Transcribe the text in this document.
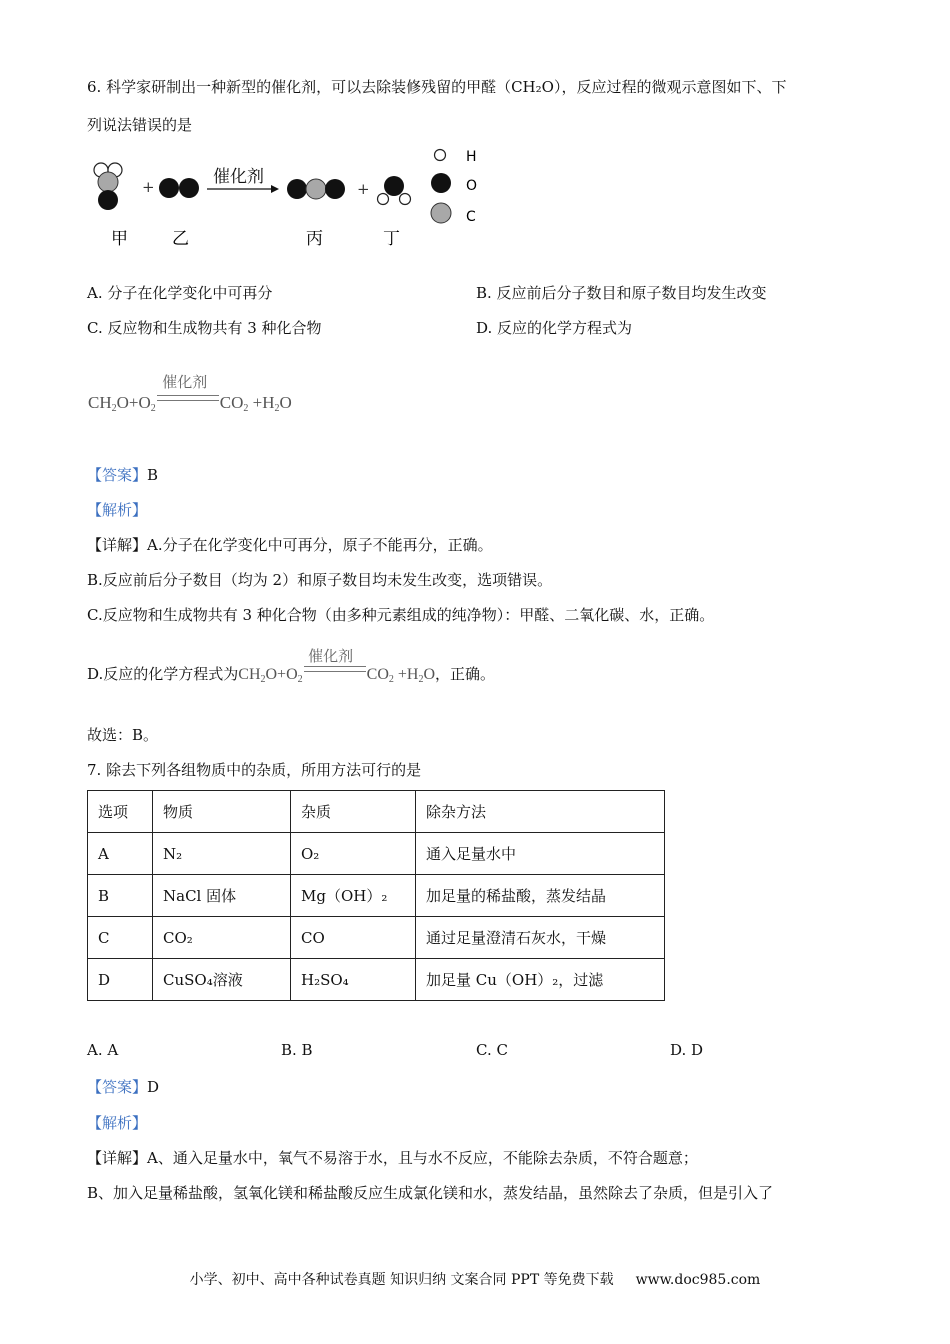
6. 科学家研制出一种新型的催化剂，可以去除装修残留的甲醛（CH₂O），反应过程的微观示意图如下、下
列说法错误的是
+	催化剂
+
H
O
C
甲	乙	丙	丁
A. 分子在化学变化中可再分	B. 反应前后分子数目和原子数目均发生改变
C. 反应物和生成物共有 3 种化合物	D. 反应的化学方程式为
$CH_2O+O_2$
催化剂
$CO_2 +H_2O$
【答案】B
【解析】
【详解】A.分子在化学变化中可再分，原子不能再分，正确。
B.反应前后分子数目（均为 2）和原子数目均未发生改变，选项错误。
C.反应物和生成物共有 3 种化合物（由多种元素组成的纯净物）：甲醛、二氧化碳、水，正确。
D.反应的化学方程式为$CH_2O+O_2$
催化剂
$CO_2 +H_2O$，正确。
故选：B。
7. 除去下列各组物质中的杂质，所用方法可行的是
选项	物质	杂质	除杂方法
A	N₂	O₂	通入足量水中
B	NaCl 固体	Mg（OH）₂	加足量的稀盐酸，蒸发结晶
C	CO₂	CO	通过足量澄清石灰水，干燥
D	CuSO₄溶液	H₂SO₄	加足量 Cu（OH）₂，过滤
A. A	B. B	C. C	D. D
【答案】D
【解析】
【详解】A、通入足量水中，氧气不易溶于水，且与水不反应，不能除去杂质，不符合题意；
B、加入足量稀盐酸，氢氧化镁和稀盐酸反应生成氯化镁和水，蒸发结晶，虽然除去了杂质，但是引入了
小学、初中、高中各种试卷真题 知识归纳 文案合同 PPT 等免费下载 www.doc985.com
